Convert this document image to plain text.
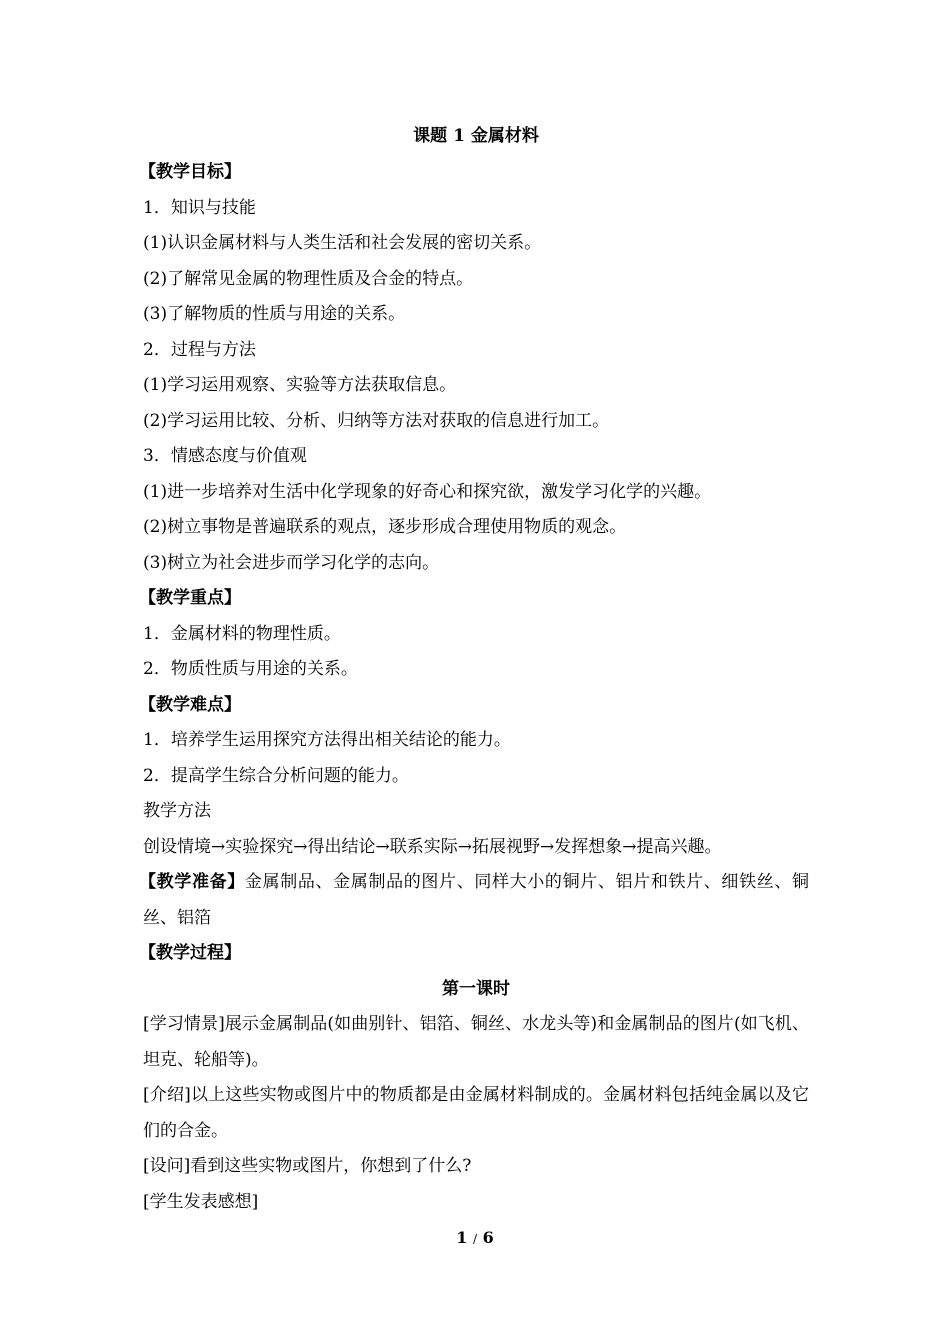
课题 1 金属材料
【教学目标】
1．知识与技能
(1)认识金属材料与人类生活和社会发展的密切关系。
(2)了解常见金属的物理性质及合金的特点。
(3)了解物质的性质与用途的关系。
2．过程与方法
(1)学习运用观察、实验等方法获取信息。
(2)学习运用比较、分析、归纳等方法对获取的信息进行加工。
3．情感态度与价值观
(1)进一步培养对生活中化学现象的好奇心和探究欲，激发学习化学的兴趣。
(2)树立事物是普遍联系的观点，逐步形成合理使用物质的观念。
(3)树立为社会进步而学习化学的志向。
【教学重点】
1．金属材料的物理性质。
2．物质性质与用途的关系。
【教学难点】
1．培养学生运用探究方法得出相关结论的能力。
2．提高学生综合分析问题的能力。
教学方法
创设情境→实验探究→得出结论→联系实际→拓展视野→发挥想象→提高兴趣。
【教学准备】金属制品、金属制品的图片、同样大小的铜片、铝片和铁片、细铁丝、铜丝、铝箔
【教学过程】
第一课时
[学习情景]展示金属制品(如曲别针、铝箔、铜丝、水龙头等)和金属制品的图片(如飞机、坦克、轮船等)。
[介绍]以上这些实物或图片中的物质都是由金属材料制成的。金属材料包括纯金属以及它们的合金。
[设问]看到这些实物或图片，你想到了什么?
[学生发表感想]
1 / 6
